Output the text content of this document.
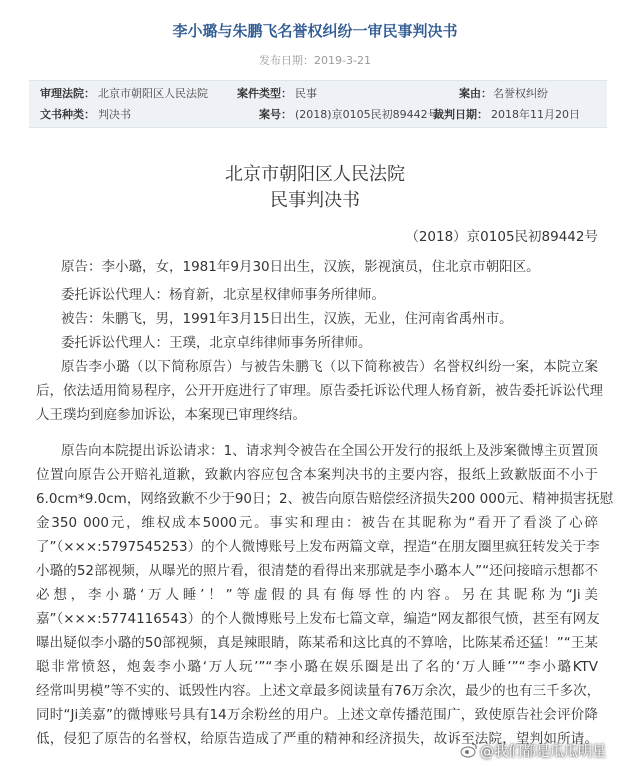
李小璐与朱鹏飞名誉权纠纷一审民事判决书
发布日期：2019-3-21
审理法院： 北京市朝阳区人民法院	案件类型： 民事	案由： 名誉权纠纷
文书种类： 判决书	案号： (2018)京0105民初89442号
裁判日期： 2018年11月20日
北京市朝阳区人民法院
民事判决书
（2018）京0105民初89442号
原告：李小璐，女，1981年9月30日出生，汉族，影视演员，住北京市朝阳区。
委托诉讼代理人：杨育新，北京星权律师事务所律师。
被告：朱鹏飞，男，1991年3月15日出生，汉族，无业，住河南省禹州市。
委托诉讼代理人：王璞，北京卓纬律师事务所律师。
原告李小璐（以下简称原告）与被告朱鹏飞（以下简称被告）名誉权纠纷一案，本院立案
后，依法适用简易程序，公开开庭进行了审理。原告委托诉讼代理人杨育新，被告委托诉讼代理
人王璞均到庭参加诉讼，本案现已审理终结。
原告向本院提出诉讼请求：1、请求判令被告在全国公开发行的报纸上及涉案微博主页置顶
位置向原告公开赔礼道歉，致歉内容应包含本案判决书的主要内容，报纸上致歉版面不小于
6.0cm*9.0cm，网络致歉不少于90日；2、被告向原告赔偿经济损失200 000元、精神损害抚慰
金350 000元，维权成本5000元。事实和理由：被告在其昵称为“看开了看淡了心碎
了”（×××:5797545253）的个人微博账号上发布两篇文章，捏造“在朋友圈里疯狂转发关于李
小璐的52部视频，从曝光的照片看，很清楚的看得出来那就是李小璐本人”“还问接暗示想都不
必想，李小璐‘万人睡’！”等虚假的具有侮辱性的内容。另在其昵称为“Ji美
嘉”（×××:5774116543）的个人微博账号上发布七篇文章，编造“网友都很气愤，甚至有网友
曝出疑似李小璐的50部视频，真是辣眼睛，陈某希和这比真的不算啥，比陈某希还猛！”“王某
聪非常愤怒，炮轰李小璐‘万人玩’”“李小璐在娱乐圈是出了名的‘万人睡’”“李小璐KTV
经常叫男模”等不实的、诋毁性内容。上述文章最多阅读量有76万余次，最少的也有三千多次，
同时“Ji美嘉”的微博账号具有14万余粉丝的用户。上述文章传播范围广，致使原告社会评价降
低，侵犯了原告的名誉权，给原告造成了严重的精神和经济损失，故诉至法院，望判如所请。
@我们都是瓜瓜明星
